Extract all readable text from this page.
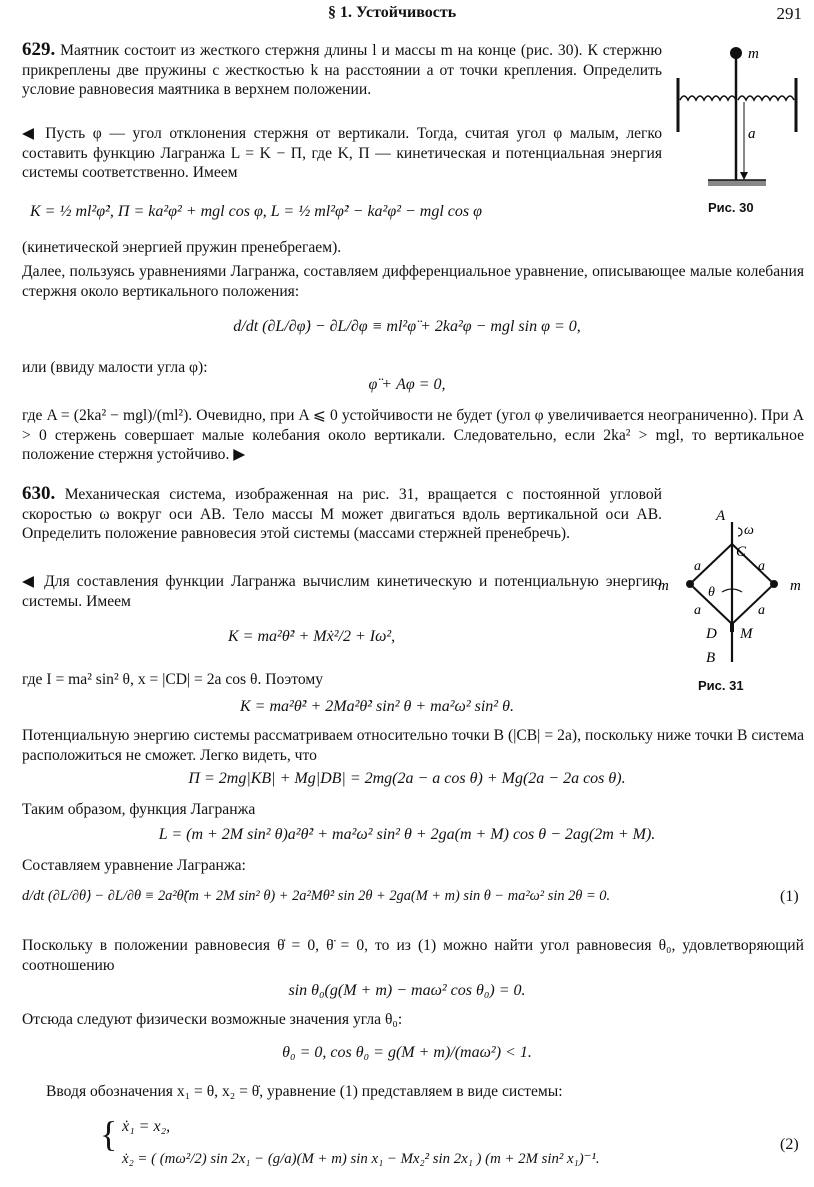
§ 1. Устойчивость	291
629. Маятник состоит из жесткого стержня длины l и массы m на конце (рис. 30). К стержню прикреплены две пружины с жесткостью k на расстоянии a от точки крепления. Определить условие равновесия маятника в верхнем положении.
◀ Пусть φ — угол отклонения стержня от вертикали. Тогда, считая угол φ малым, легко составить функцию Лагранжа L = K − Π, где K, Π — кинетическая и потенциальная энергия системы соответственно. Имеем
K = ½ ml²φ̇², Π = ka²φ² + mgl cos φ, L = ½ ml²φ̇² − ka²φ² − mgl cos φ
(кинетической энергией пружин пренебрегаем).
Далее, пользуясь уравнениями Лагранжа, составляем дифференциальное уравнение, описывающее малые колебания стержня около вертикального положения:
d/dt (∂L/∂φ̇) − ∂L/∂φ ≡ ml²φ̈ + 2ka²φ − mgl sin φ = 0,
или (ввиду малости угла φ):
φ̈ + Aφ = 0,
где A = (2ka² − mgl)/(ml²). Очевидно, при A ⩽ 0 устойчивости не будет (угол φ увеличивается неограниченно). При A > 0 стержень совершает малые колебания около вертикали. Следовательно, если 2ka² > mgl, то вертикальное положение стержня устойчиво. ▶
m
a
Рис. 30
630. Механическая система, изображенная на рис. 31, вращается с постоянной угловой скоростью ω вокруг оси AB. Тело массы M может двигаться вдоль вертикальной оси AB. Определить положение равновесия этой системы (массами стержней пренебречь).
◀ Для составления функции Лагранжа вычислим кинетическую и потенциальную энергию системы. Имеем
K = ma²θ̇² + Mẋ²/2 + Iω²,
где I = ma² sin² θ, x = |CD| = 2a cos θ. Поэтому
K = ma²θ̇² + 2Ma²θ̇² sin² θ + ma²ω² sin² θ.
Потенциальную энергию системы рассматриваем относительно точки B (|CB| = 2a), поскольку ниже точки B система расположиться не сможет. Легко видеть, что
Π = 2mg|KB| + Mg|DB| = 2mg(2a − a cos θ) + Mg(2a − 2a cos θ).
Таким образом, функция Лагранжа
L = (m + 2M sin² θ)a²θ̇² + ma²ω² sin² θ + 2ga(m + M) cos θ − 2ag(2m + M).
Составляем уравнение Лагранжа:
d/dt (∂L/∂θ̇) − ∂L/∂θ ≡ 2a²θ̈(m + 2M sin² θ) + 2a²Mθ̇² sin 2θ + 2ga(M + m) sin θ − ma²ω² sin 2θ = 0.	(1)
Поскольку в положении равновесия θ̇ = 0, θ̈ = 0, то из (1) можно найти угол равновесия θ₀, удовлетворяющий соотношению
sin θ₀(g(M + m) − maω² cos θ₀) = 0.
Отсюда следуют физически возможные значения угла θ₀:
θ₀ = 0, cos θ₀ = g(M + m)/(maω²) < 1.
Вводя обозначения x₁ = θ, x₂ = θ̇, уравнение (1) представляем в виде системы:
{ ẋ₁ = x₂,
ẋ₂ = ( (mω²/2) sin 2x₁ − (g/a)(M + m) sin x₁ − Mx₂² sin 2x₁ ) (m + 2M sin² x₁)⁻¹.
(2)
A
ω
C
a	a
m	m
θ
a	a
D M
B
Рис. 31
